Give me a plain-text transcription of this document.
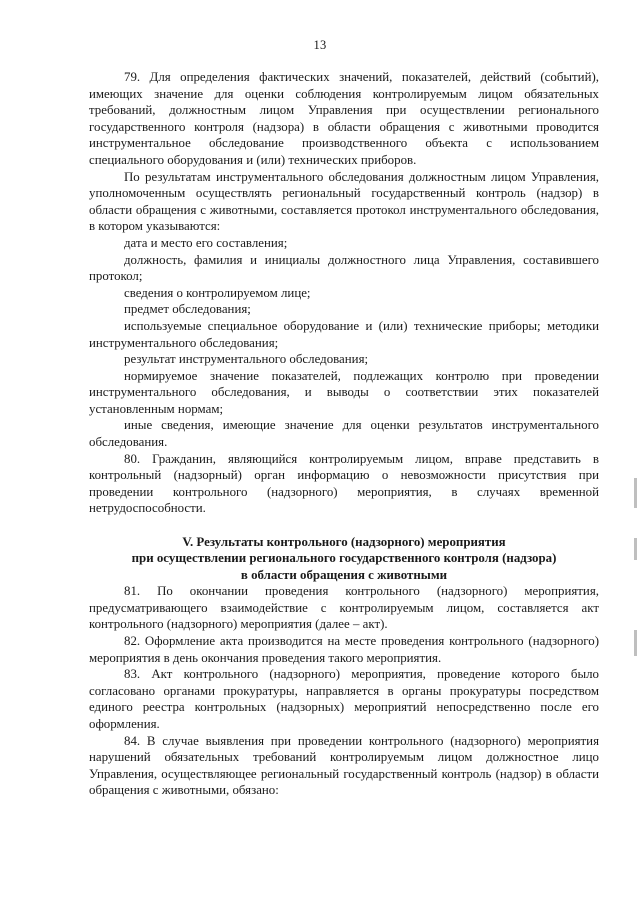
13

79. Для определения фактических значений, показателей, действий (событий), имеющих значение для оценки соблюдения контролируемым лицом обязательных требований, должностным лицом Управления при осуществлении регионального государственного контроля (надзора) в области обращения с животными проводится инструментальное обследование производственного объекта с использованием специального оборудования и (или) технических приборов.

По результатам инструментального обследования должностным лицом Управления, уполномоченным осуществлять региональный государственный контроль (надзор) в области обращения с животными, составляется протокол инструментального обследования, в котором указываются:

дата и место его составления;

должность, фамилия и инициалы должностного лица Управления, составившего протокол;

сведения о контролируемом лице;

предмет обследования;

используемые специальное оборудование и (или) технические приборы; методики инструментального обследования;

результат инструментального обследования;

нормируемое значение показателей, подлежащих контролю при проведении инструментального обследования, и выводы о соответствии этих показателей установленным нормам;

иные сведения, имеющие значение для оценки результатов инструментального обследования.

80. Гражданин, являющийся контролируемым лицом, вправе представить в контрольный (надзорный) орган информацию о невозможности присутствия при проведении контрольного (надзорного) мероприятия, в случаях временной нетрудоспособности.

V. Результаты контрольного (надзорного) мероприятия
при осуществлении регионального государственного контроля (надзора)
в области обращения с животными

81. По окончании проведения контрольного (надзорного) мероприятия, предусматривающего взаимодействие с контролируемым лицом, составляется акт контрольного (надзорного) мероприятия (далее – акт).

82. Оформление акта производится на месте проведения контрольного (надзорного) мероприятия в день окончания проведения такого мероприятия.

83. Акт контрольного (надзорного) мероприятия, проведение которого было согласовано органами прокуратуры, направляется в органы прокуратуры посредством единого реестра контрольных (надзорных) мероприятий непосредственно после его оформления.

84. В случае выявления при проведении контрольного (надзорного) мероприятия нарушений обязательных требований контролируемым лицом должностное лицо Управления, осуществляющее региональный государственный контроль (надзор) в области обращения с животными, обязано:
